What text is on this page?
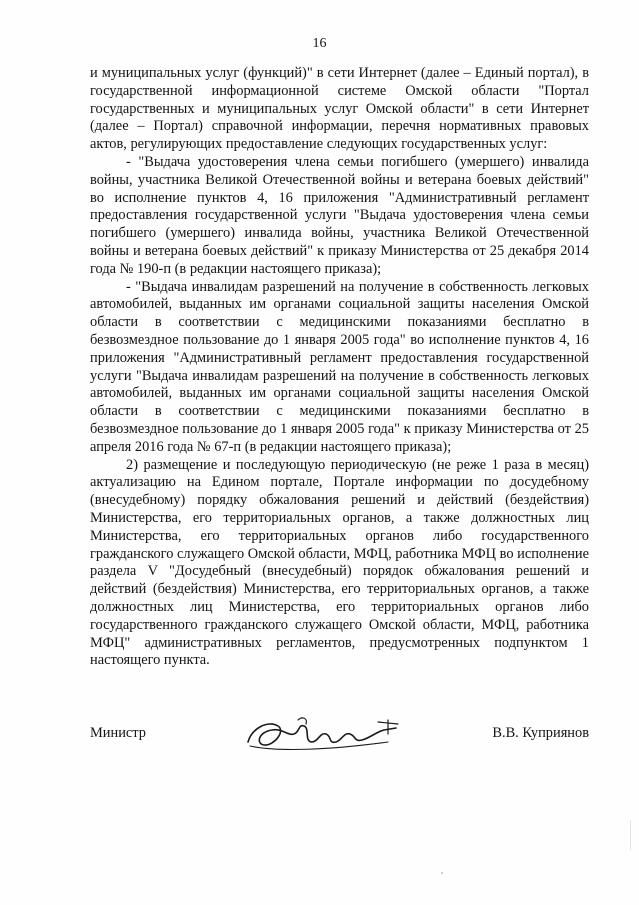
16

и муниципальных услуг (функций)" в сети Интернет (далее – Единый портал), в государственной информационной системе Омской области "Портал государственных и муниципальных услуг Омской области" в сети Интернет (далее – Портал) справочной информации, перечня нормативных правовых актов, регулирующих предоставление следующих государственных услуг:

- "Выдача удостоверения члена семьи погибшего (умершего) инвалида войны, участника Великой Отечественной войны и ветерана боевых действий" во исполнение пунктов 4, 16 приложения "Административный регламент предоставления государственной услуги "Выдача удостоверения члена семьи погибшего (умершего) инвалида войны, участника Великой Отечественной войны и ветерана боевых действий" к приказу Министерства от 25 декабря 2014 года № 190-п (в редакции настоящего приказа);

- "Выдача инвалидам разрешений на получение в собственность легковых автомобилей, выданных им органами социальной защиты населения Омской области в соответствии с медицинскими показаниями бесплатно в безвозмездное пользование до 1 января 2005 года" во исполнение пунктов 4, 16 приложения "Административный регламент предоставления государственной услуги "Выдача инвалидам разрешений на получение в собственность легковых автомобилей, выданных им органами социальной защиты населения Омской области в соответствии с медицинскими показаниями бесплатно в безвозмездное пользование до 1 января 2005 года" к приказу Министерства от 25 апреля 2016 года № 67-п (в редакции настоящего приказа);

2) размещение и последующую периодическую (не реже 1 раза в месяц) актуализацию на Едином портале, Портале информации по досудебному (внесудебному) порядку обжалования решений и действий (бездействия) Министерства, его территориальных органов, а также должностных лиц Министерства, его территориальных органов либо государственного гражданского служащего Омской области, МФЦ, работника МФЦ во исполнение раздела V "Досудебный (внесудебный) порядок обжалования решений и действий (бездействия) Министерства, его территориальных органов, а также должностных лиц Министерства, его территориальных органов либо государственного гражданского служащего Омской области, МФЦ, работника МФЦ" административных регламентов, предусмотренных подпунктом 1 настоящего пункта.

Министр	В.В. Куприянов
